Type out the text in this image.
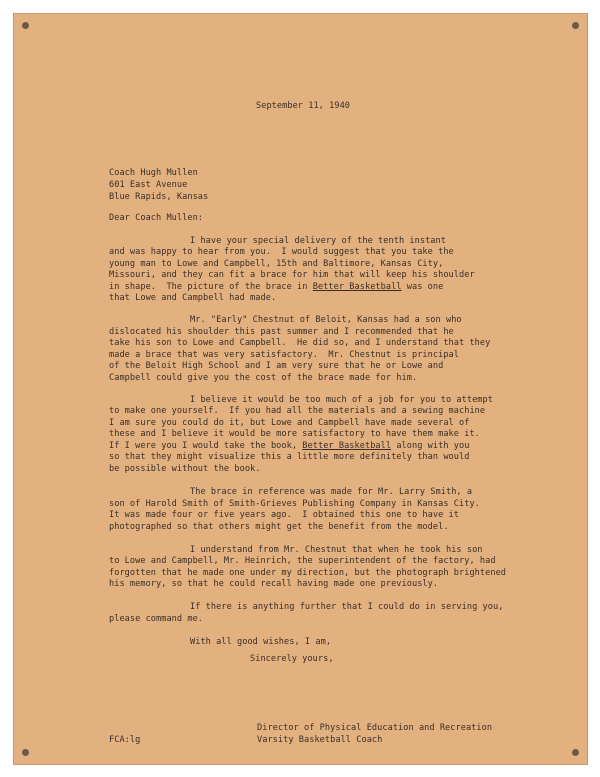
September 11, 1940
Coach Hugh Mullen
601 East Avenue
Blue Rapids, Kansas
Dear Coach Mullen:
I have your special delivery of the tenth instant
and was happy to hear from you.  I would suggest that you take the
young man to Lowe and Campbell, 15th and Baltimore, Kansas City,
Missouri, and they can fit a brace for him that will keep his shoulder
in shape.  The picture of the brace in Better Basketball was one
that Lowe and Campbell had made.
Mr. "Early" Chestnut of Beloit, Kansas had a son who
dislocated his shoulder this past summer and I recommended that he
take his son to Lowe and Campbell.  He did so, and I understand that they
made a brace that was very satisfactory.  Mr. Chestnut is principal
of the Beloit High School and I am very sure that he or Lowe and
Campbell could give you the cost of the brace made for him.
I believe it would be too much of a job for you to attempt
to make one yourself.  If you had all the materials and a sewing machine
I am sure you could do it, but Lowe and Campbell have made several of
these and I believe it would be more satisfactory to have them make it.
If I were you I would take the book, Better Basketball along with you
so that they might visualize this a little more definitely than would
be possible without the book.
The brace in reference was made for Mr. Larry Smith, a
son of Harold Smith of Smith-Grieves Publishing Company in Kansas City.
It was made four or five years ago.  I obtained this one to have it
photographed so that others might get the benefit from the model.
I understand from Mr. Chestnut that when he took his son
to Lowe and Campbell, Mr. Heinrich, the superintendent of the factory, had
forgotten that he made one under my direction, but the photograph brightened
his memory, so that he could recall having made one previously.
If there is anything further that I could do in serving you,
please command me.
With all good wishes, I am,
Sincerely yours,
Director of Physical Education and Recreation
Varsity Basketball Coach
FCA:lg
